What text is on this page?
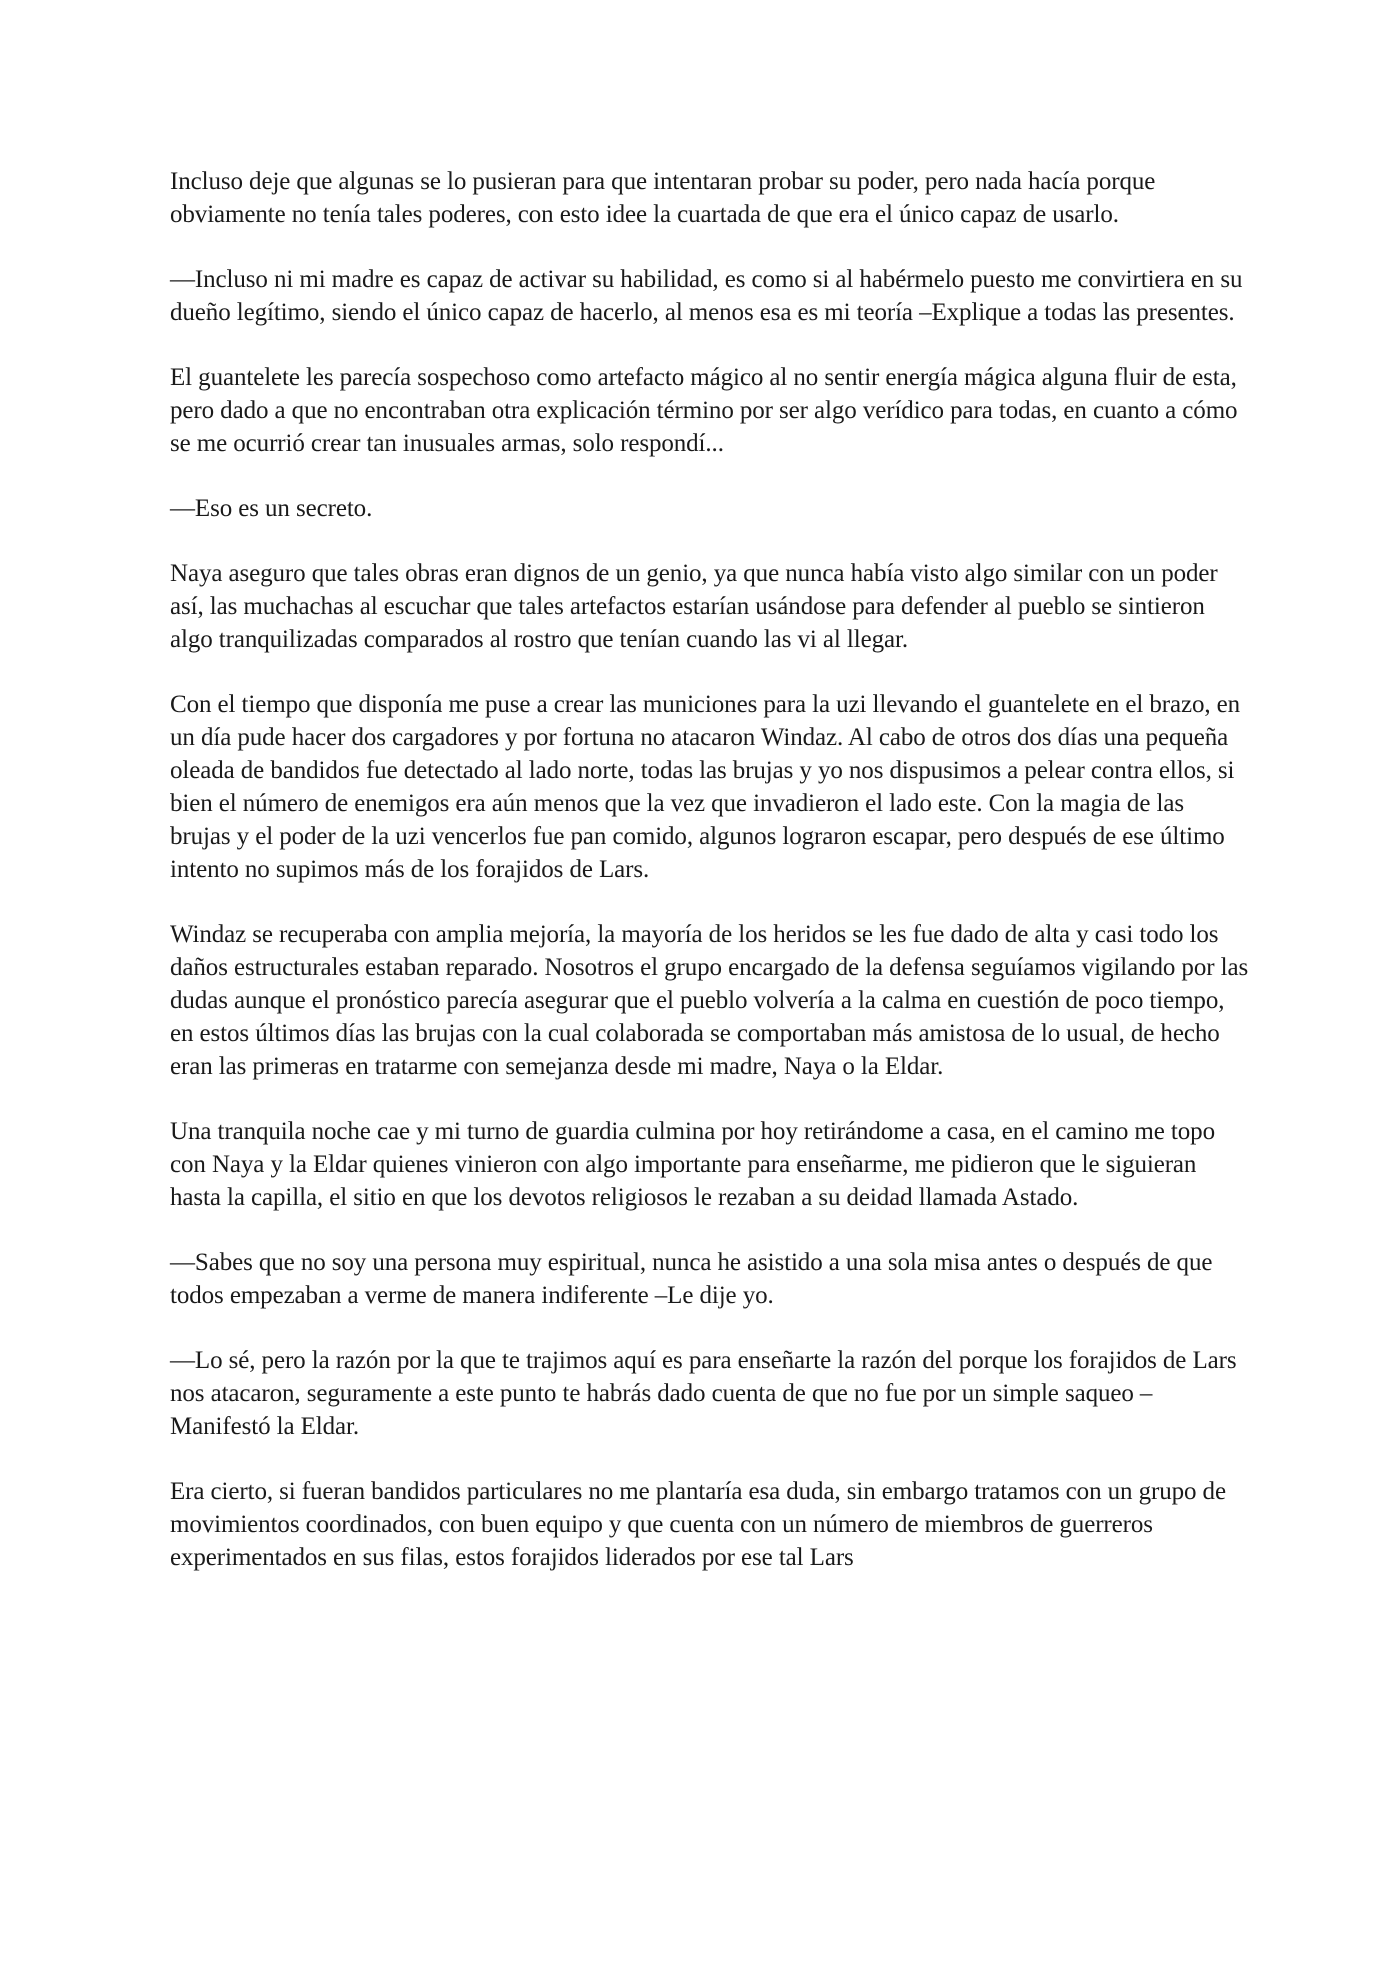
Incluso deje que algunas se lo pusieran para que intentaran probar su poder, pero nada hacía porque obviamente no tenía tales poderes, con esto idee la cuartada de que era el único capaz de usarlo.

—Incluso ni mi madre es capaz de activar su habilidad, es como si al habérmelo puesto me convirtiera en su dueño legítimo, siendo el único capaz de hacerlo, al menos esa es mi teoría –Explique a todas las presentes.

El guantelete les parecía sospechoso como artefacto mágico al no sentir energía mágica alguna fluir de esta, pero dado a que no encontraban otra explicación término por ser algo verídico para todas, en cuanto a cómo se me ocurrió crear tan inusuales armas, solo respondí...

—Eso es un secreto.

Naya aseguro que tales obras eran dignos de un genio, ya que nunca había visto algo similar con un poder así, las muchachas al escuchar que tales artefactos estarían usándose para defender al pueblo se sintieron algo tranquilizadas comparados al rostro que tenían cuando las vi al llegar.

Con el tiempo que disponía me puse a crear las municiones para la uzi llevando el guantelete en el brazo, en un día pude hacer dos cargadores y por fortuna no atacaron Windaz. Al cabo de otros dos días una pequeña oleada de bandidos fue detectado al lado norte, todas las brujas y yo nos dispusimos a pelear contra ellos, si bien el número de enemigos era aún menos que la vez que invadieron el lado este. Con la magia de las brujas y el poder de la uzi vencerlos fue pan comido, algunos lograron escapar, pero después de ese último intento no supimos más de los forajidos de Lars.

Windaz se recuperaba con amplia mejoría, la mayoría de los heridos se les fue dado de alta y casi todo los daños estructurales estaban reparado. Nosotros el grupo encargado de la defensa seguíamos vigilando por las dudas aunque el pronóstico parecía asegurar que el pueblo volvería a la calma en cuestión de poco tiempo, en estos últimos días las brujas con la cual colaborada se comportaban más amistosa de lo usual, de hecho eran las primeras en tratarme con semejanza desde mi madre, Naya o la Eldar.

Una tranquila noche cae y mi turno de guardia culmina por hoy retirándome a casa, en el camino me topo con Naya y la Eldar quienes vinieron con algo importante para enseñarme, me pidieron que le siguieran hasta la capilla, el sitio en que los devotos religiosos le rezaban a su deidad llamada Astado.

—Sabes que no soy una persona muy espiritual, nunca he asistido a una sola misa antes o después de que todos empezaban a verme de manera indiferente –Le dije yo.

—Lo sé, pero la razón por la que te trajimos aquí es para enseñarte la razón del porque los forajidos de Lars nos atacaron, seguramente a este punto te habrás dado cuenta de que no fue por un simple saqueo –Manifestó la Eldar.

Era cierto, si fueran bandidos particulares no me plantaría esa duda, sin embargo tratamos con un grupo de movimientos coordinados, con buen equipo y que cuenta con un número de miembros de guerreros experimentados en sus filas, estos forajidos liderados por ese tal Lars
